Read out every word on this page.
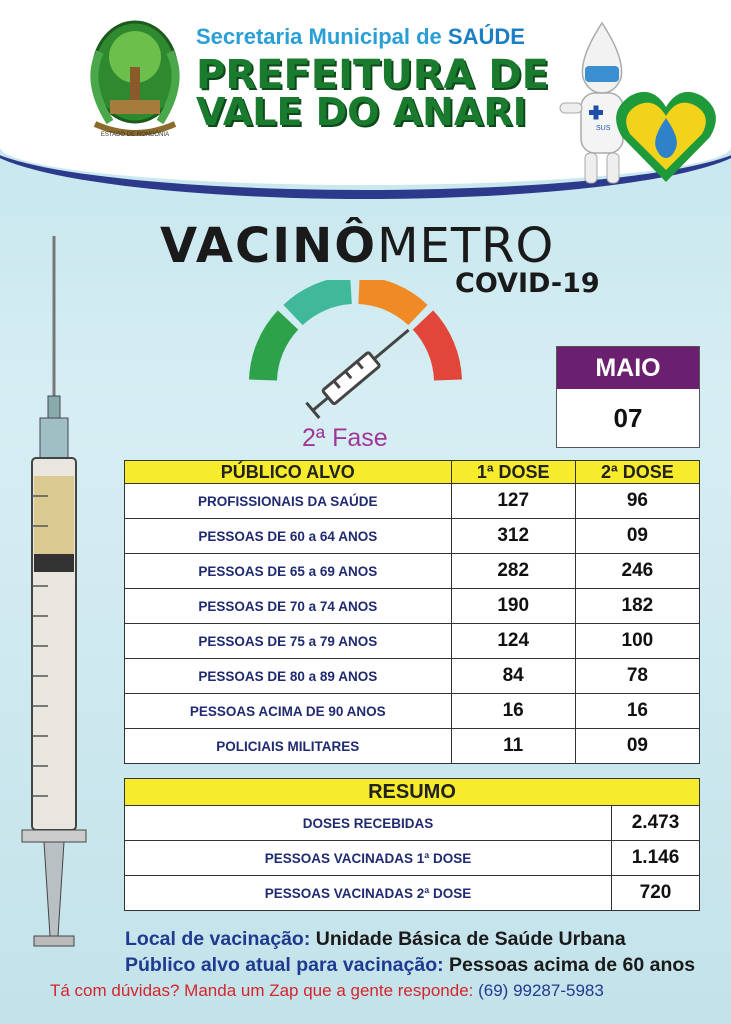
ESTADO DE RONDÔNIA
Secretaria Municipal de SAÚDE
PREFEITURA DE
VALE DO ANARI	SUS
VACINÔMETRO
COVID-19
2ª Fase
MAIO
07
PÚBLICO ALVO	1ª DOSE	2ª DOSE
PROFISSIONAIS DA SAÚDE	127	96
PESSOAS DE 60 a 64 ANOS	312	09
PESSOAS DE 65 a 69 ANOS	282	246
PESSOAS DE 70 a 74 ANOS	190	182
PESSOAS DE 75 a 79 ANOS	124	100
PESSOAS DE 80 a 89 ANOS	84	78
PESSOAS ACIMA DE 90 ANOS	16	16
POLICIAIS MILITARES	11	09
RESUMO	
DOSES RECEBIDAS	2.473
PESSOAS VACINADAS 1ª DOSE	1.146
PESSOAS VACINADAS 2ª DOSE	720
Local de vacinação: Unidade Básica de Saúde Urbana
Público alvo atual para vacinação: Pessoas acima de 60 anos
Tá com dúvidas? Manda um Zap que a gente responde: (69) 99287-5983
